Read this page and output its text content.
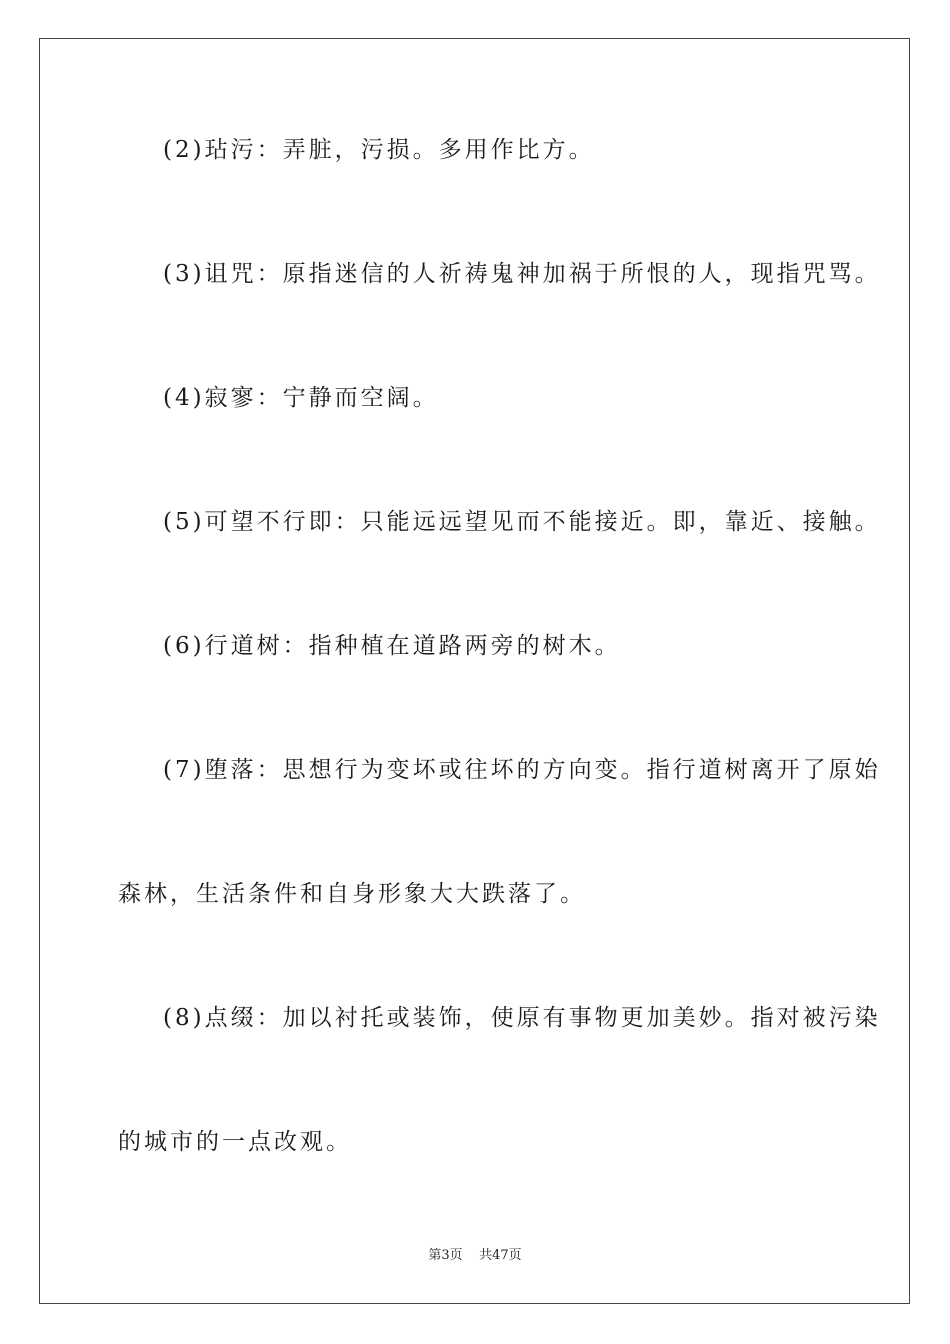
(2)玷污：弄脏，污损。多用作比方。
(3)诅咒：原指迷信的人祈祷鬼神加祸于所恨的人，现指咒骂。
(4)寂寥：宁静而空阔。
(5)可望不行即：只能远远望见而不能接近。即，靠近、接触。
(6)行道树：指种植在道路两旁的树木。
(7)堕落：思想行为变坏或往坏的方向变。指行道树离开了原始
森林，生活条件和自身形象大大跌落了。
(8)点缀：加以衬托或装饰，使原有事物更加美妙。指对被污染
的城市的一点改观。
第3页 共47页
